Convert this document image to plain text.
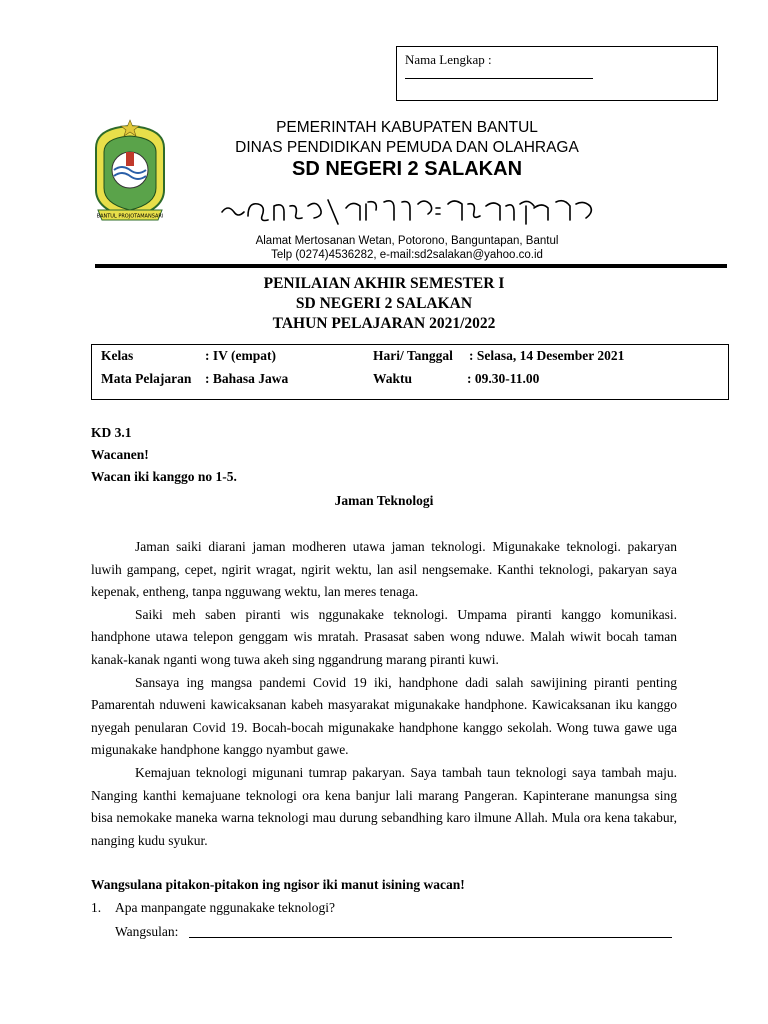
Nama Lengkap :
BANTUL PROJOTAMANSARI
PEMERINTAH KABUPATEN BANTUL
DINAS PENDIDIKAN PEMUDA DAN OLAHRAGA
SD NEGERI 2 SALAKAN
Alamat Mertosanan Wetan, Potorono, Banguntapan, Bantul
Telp (0274)4536282, e-mail:sd2salakan@yahoo.co.id
PENILAIAN AKHIR SEMESTER I
SD NEGERI 2 SALAKAN
TAHUN PELAJARAN 2021/2022
Kelas	: IV (empat)	Hari/ Tanggal : Selasa, 14 Desember 2021
Mata Pelajaran : Bahasa Jawa	Waktu	: 09.30-11.00
KD 3.1
Wacanen!
Wacan iki kanggo no 1-5.
Jaman Teknologi

Jaman saiki diarani jaman modheren utawa jaman teknologi. Migunakake teknologi. pakaryan luwih gampang, cepet, ngirit wragat, ngirit wektu, lan asil nengsemake. Kanthi teknologi, pakaryan saya kepenak, entheng, tanpa ngguwang wektu, lan meres tenaga.

Saiki meh saben piranti wis nggunakake teknologi. Umpama piranti kanggo komunikasi. handphone utawa telepon genggam wis mratah. Prasasat saben wong nduwe. Malah wiwit bocah taman kanak-kanak nganti wong tuwa akeh sing nggandrung marang piranti kuwi.

Sansaya ing mangsa pandemi Covid 19 iki, handphone dadi salah sawijining piranti penting Pamarentah nduweni kawicaksanan kabeh masyarakat migunakake handphone. Kawicaksanan iku kanggo nyegah penularan Covid 19. Bocah-bocah migunakake handphone kanggo sekolah. Wong tuwa gawe uga migunakake handphone kanggo nyambut gawe.

Kemajuan teknologi migunani tumrap pakaryan. Saya tambah taun teknologi saya tambah maju. Nanging kanthi kemajuane teknologi ora kena banjur lali marang Pangeran. Kapinterane manungsa sing bisa nemokake maneka warna teknologi mau durung sebandhing karo ilmune Allah. Mula ora kena takabur, nanging kudu syukur.

Wangsulana pitakon-pitakon ing ngisor iki manut isining wacan!
1. Apa manpangate nggunakake teknologi?
Wangsulan:
